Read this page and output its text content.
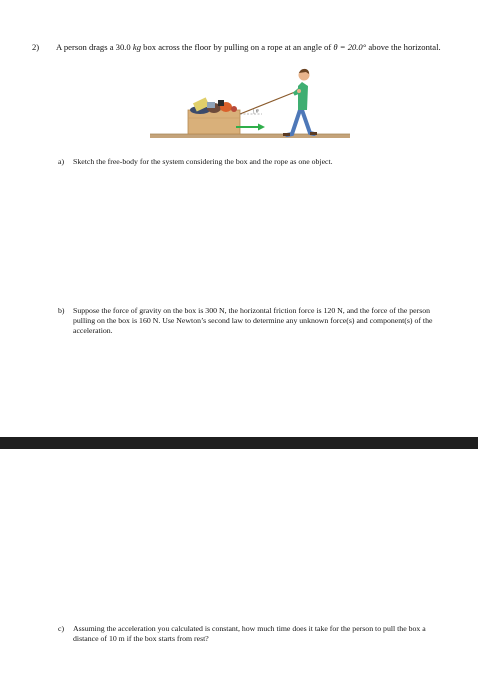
2) A person drags a 30.0 kg box across the floor by pulling on a rope at an angle of θ = 20.0° above the horizontal.
θ
a) Sketch the free-body for the system considering the box and the rope as one object.
b) Suppose the force of gravity on the box is 300 N, the horizontal friction force is 120 N, and the force of the person pulling on the box is 160 N. Use Newton’s second law to determine any unknown force(s) and component(s) of the acceleration.
c) Assuming the acceleration you calculated is constant, how much time does it take for the person to pull the box a distance of 10 m if the box starts from rest?
